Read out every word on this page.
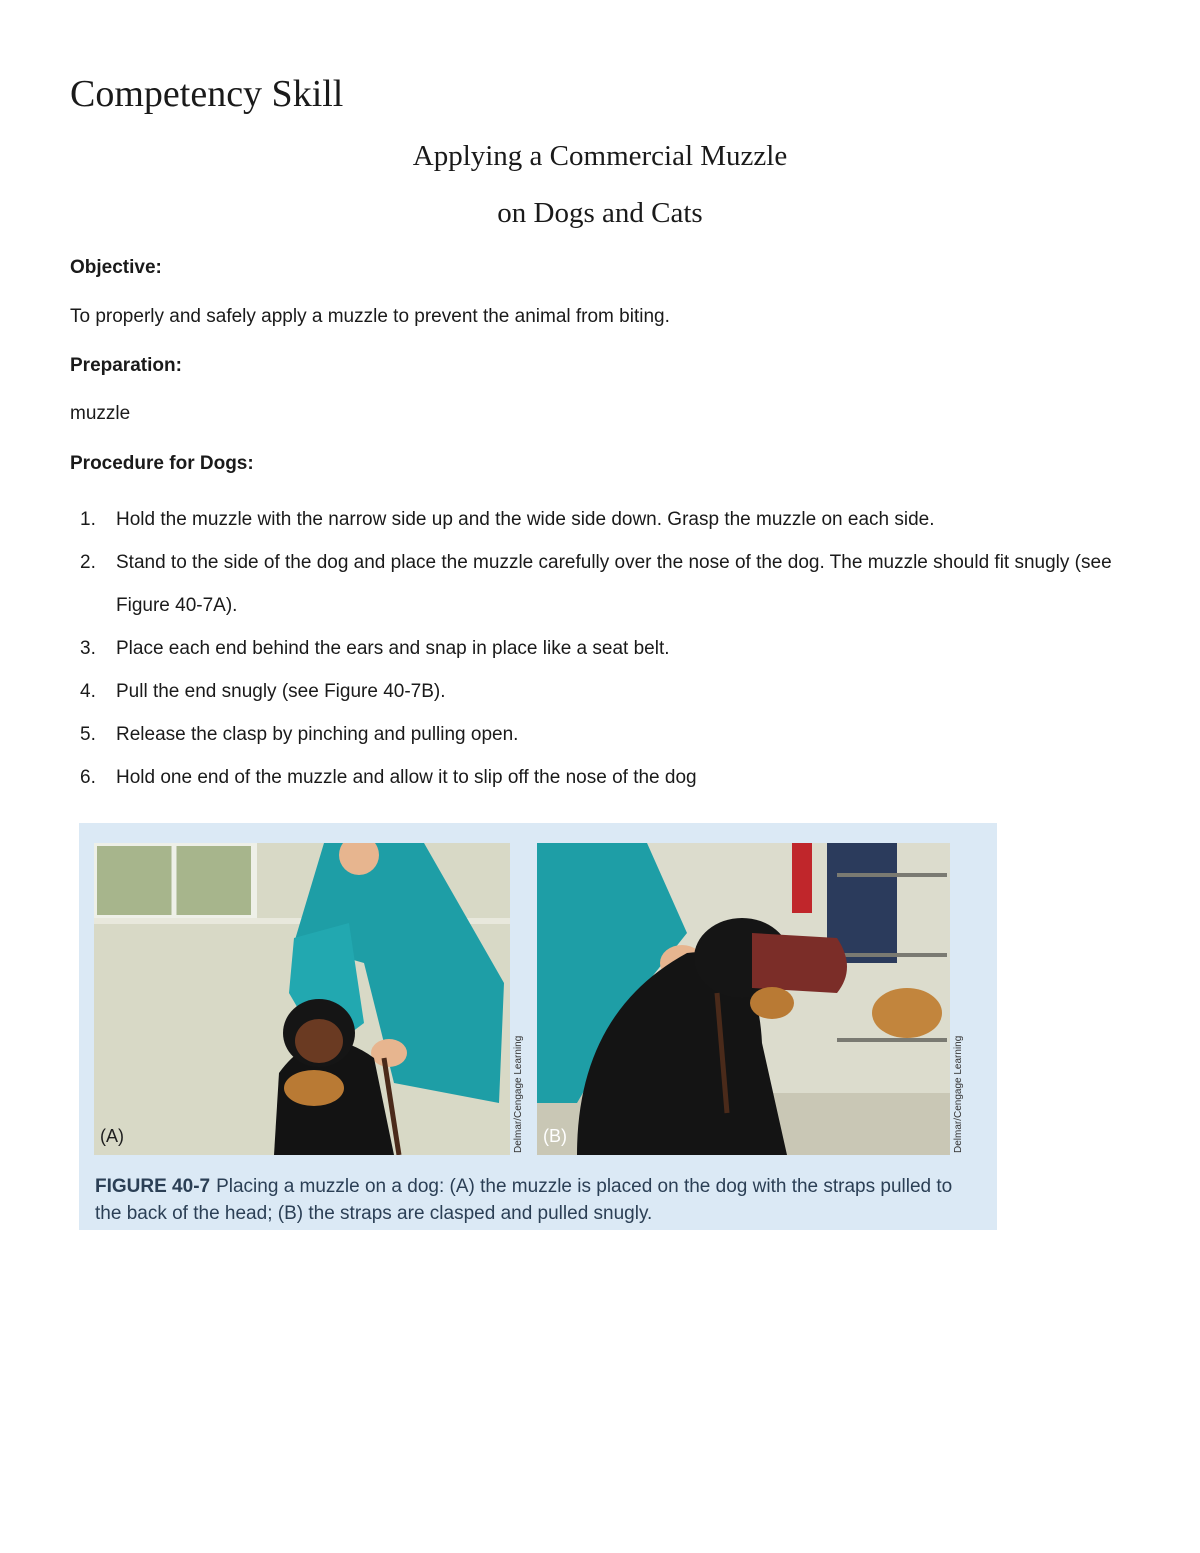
Competency Skill
Applying a Commercial Muzzle
on Dogs and Cats
Objective:
To properly and safely apply a muzzle to prevent the animal from biting.
Preparation:
muzzle
Procedure for Dogs:
1. Hold the muzzle with the narrow side up and the wide side down. Grasp the muzzle on each side.
2. Stand to the side of the dog and place the muzzle carefully over the nose of the dog. The muzzle should fit snugly (see Figure 40-7A).
3. Place each end behind the ears and snap in place like a seat belt.
4. Pull the end snugly (see Figure 40-7B).
5. Release the clasp by pinching and pulling open.
6. Hold one end of the muzzle and allow it to slip off the nose of the dog
(A)	Delmar/Cengage Learning	(B)	Delmar/Cengage Learning
FIGURE 40-7 Placing a muzzle on a dog: (A) the muzzle is placed on the dog with the straps pulled to the back of the head; (B) the straps are clasped and pulled snugly.
